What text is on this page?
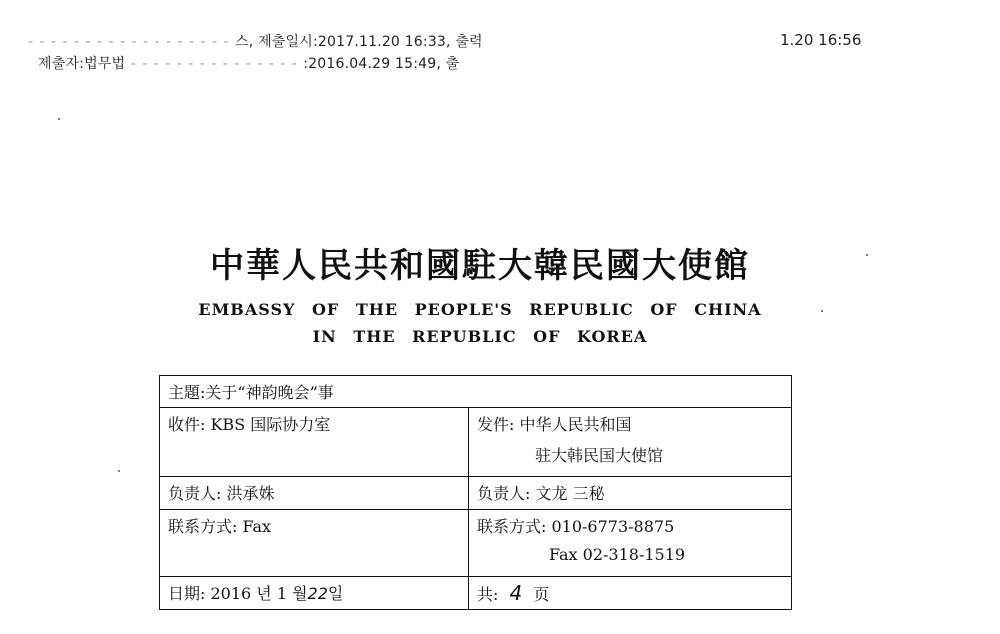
‐ ‐ ‐ ‐ ‐ ‐ ‐ ‐ ‐ ‐ ‐ ‐ ‐ ‐ ‐ ‐ ‐ ‐ 스, 제출일시:2017.11.20 16:33, 출력	1.20 16:56
제출자:법무법 ‐ ‐ ‐ ‐ ‐ ‐ ‐ ‐ ‐ ‐ ‐ ‐ ‐ ‐ ‐ :2016.04.29 15:49, 출
中華人民共和國駐大韓民國大使館
EMBASSY OF THE PEOPLE'S REPUBLIC OF CHINA
IN THE REPUBLIC OF KOREA
主題:关于“神韵晚会”事	
收件: KBS 国际协力室	发件: 中华人民共和国
驻大韩民国大使馆

负责人: 洪承姝	负责人: 文龙 三秘
联系方式: Fax	联系方式: 010-6773-8875
Fax 02-318-1519

日期: 2016 년 1 월22일	共: 4 页
